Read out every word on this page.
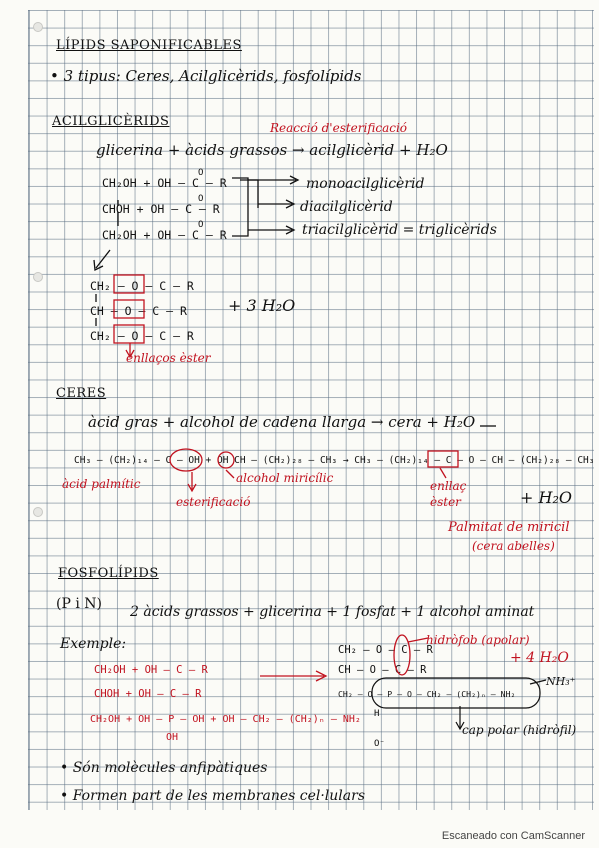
LÍPIDS SAPONIFICABLES
• 3 tipus: Ceres, Acilglicèrids, fosfolípids
ACILGLICÈRIDS	Reacció d'esterificació
glicerina + àcids grassos → acilglicèrid + H₂O
CH₂OH + OH – C – R
CHOH + OH – C – R
CH₂OH + OH – C – R
O
O
O
monoacilglicèrid
diacilglicèrid
triacilglicèrid = triglicèrids
CH₂ – O – C – R
CH – O – C – R
CH₂ – O – C – R
+ 3 H₂O
enllaços èster
CERES
àcid gras + alcohol de cadena llarga → cera + H₂O
CH₃ – (CH₂)₁₄ – C – OH + OH CH – (CH₂)₂₈ – CH₃ → CH₃ – (CH₂)₁₄ – C – O – CH – (CH₂)₂₈ – CH₃
àcid palmític	alcohol miricílic
esterificació
enllaç èster	+ H₂O
Palmitat de miricil
(cera abelles)
FOSFOLÍPIDS
(P i N) 2 àcids grassos + glicerina + 1 fosfat + 1 alcohol aminat
Exemple:
CH₂OH + OH – C – R
CHOH + OH – C – R
CH₂OH + OH – P – OH + OH – CH₂ – (CH₂)ₙ – NH₂
OH
CH₂ – O – C – R
CH – O – C – R
CH₂ – O – P – O – CH₂ – (CH₂)ₙ – NH₂
H
O⁻
hidròfob (apolar)
+ 4 H₂O
NH₃⁺
cap polar (hidròfil)
• Són molècules anfipàtiques
• Formen part de les membranes cel·lulars
Escaneado con CamScanner
